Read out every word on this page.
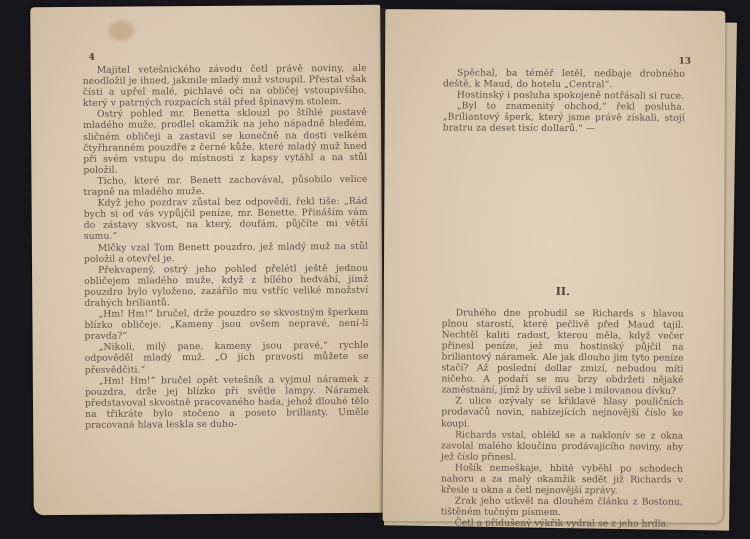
4

Majitel veteŝnického závodu četl právě noviny, ale neodložil je ihned, jakmile mladý muž vstoupil. Přestal však čísti a upřel malé, pichlavé oči na obličej vstoupivšího, který v patrných rozpacích stál před špinavým stolem.

Ostrý pohled mr. Benetta sklouzl po štíhlé postavě mladého muže, prodlel okamžik na jeho nápadně bledém, sličném obličeji a zastavil se konečně na dosti velkém čtyřhranném pouzdře z černé kůže, které mladý muž hned při svém vstupu do místnosti z kapsy vytáhl a na stůl položil.

Ticho, které mr. Benett zachovával, působilo velice trapně na mladého muže.

Když jeho pozdrav zůstal bez odpovědi, řekl tiše: „Rád bych si od vás vypůjčil peníze, mr. Benette. Přináším vám do zástavy skvost, na který, doufám, půjčíte mi větší sumu.“

Mlčky vzal Tom Benett pouzdro, jež mladý muž na stůl položil a otevřel je.

Překvapený, ostrý jeho pohled přelétl ještě jednou obličejem mladého muže, když z bílého hedvábí, jímž pouzdro bylo vyloženo, zazářilo mu vstříc veliké množství drahých briliantů.

„Hm! Hm!“ bručel, drže pouzdro se skvostným šperkem blízko obličeje. „Kameny jsou ovšem nepravé, není-li pravda?“

„Nikoli, milý pane, kameny jsou pravé,“ rychle odpověděl mladý muž. „O jich pravosti můžete se přesvědčiti.“

„Hm! Hm!“ bručel opět veteŝník a vyjmul náramek z pouzdra, drže jej blízko při světle lampy. Náramek představoval skvostně pracovaného hada, jehož dlouhé tělo na třikráte bylo stočeno a poseto brillanty. Uměle pracovaná hlava leskla se duho-

13

Spěchal, ba téměř letěl, nedbaje drobného deště, k Maud, do hotelu „Central“.

Hostinský i posluha spokojeně notřásali si ruce.

„Byl to znamenitý obchod,“ řekl posluha. „Briliantový šperk, který jsme právě získali, stojí bratru za deset tisíc dollarů.“ —

II.

Druhého dne probudil se Richards s hlavou plnou starostí, které pečlivě před Maud tajil. Nechtěl kaliti radost, kterou měla, když večer přinesl peníze, jež mu hostinský půjčil na briliantový náramek. Ale jak dlouho jim tyto peníze stačí? Až poslední dollar zmizí, nebudou míti ničeho. A podaří se mu brzy obdržeti nějaké zaměstnání, jímž by uživil sebe i milovanou dívku?

Z ulice ozývaly se křiklavé hlasy pouličních prodavačů novin, nabízejících nejnovější číslo ke koupi.

Richards vstal, oblékl se a naklonív se z okna zavolal malého kloučinu prodávajícího noviny, aby jež číslo přinesl.

Hošík nemeškaje, hbitě vyběhl po schodech nahoru a za malý okamžik sedět již Richards v křesle u okna a četl nejnovější zprávy.

Zrak jeho utkvěl na dlouhém článku z Bostonu, tištěném tučným písmem.

Četl a přidušený výkřik vydral se z jeho hrdla.
